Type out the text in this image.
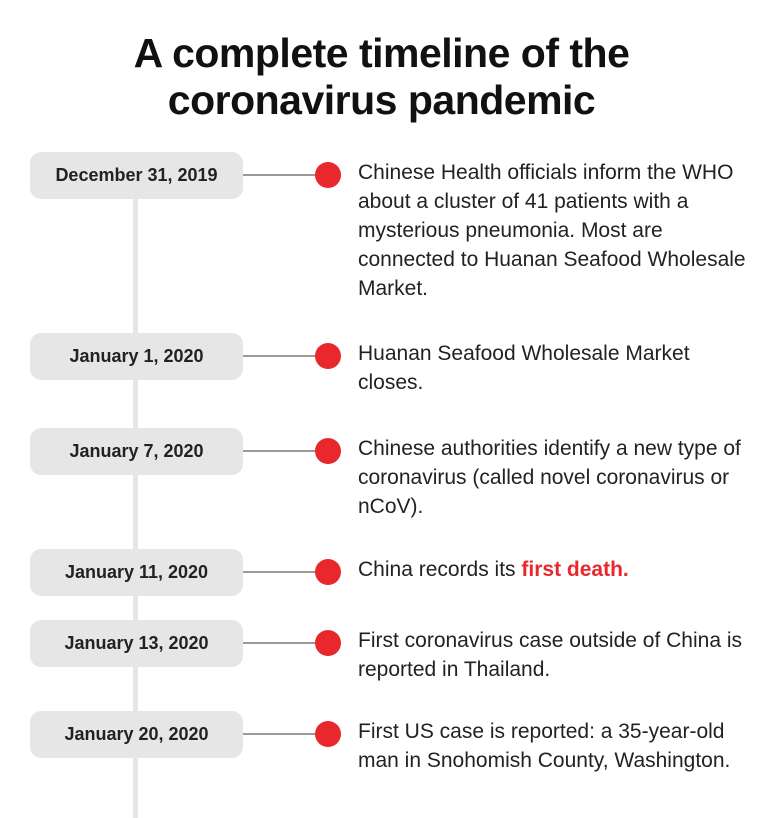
A complete timeline of the
coronavirus pandemic
December 31, 2019	Chinese Health officials inform the WHO about a cluster of 41 patients with a mysterious pneumonia. Most are connected to Huanan Seafood Wholesale Market.

January 1, 2020	Huanan Seafood Wholesale Market closes.

January 7, 2020	Chinese authorities identify a new type of coronavirus (called novel coronavirus or nCoV).

January 11, 2020	China records its first death.

January 13, 2020	First coronavirus case outside of China is reported in Thailand.

January 20, 2020	First US case is reported: a 35-year-old man in Snohomish County, Washington.
